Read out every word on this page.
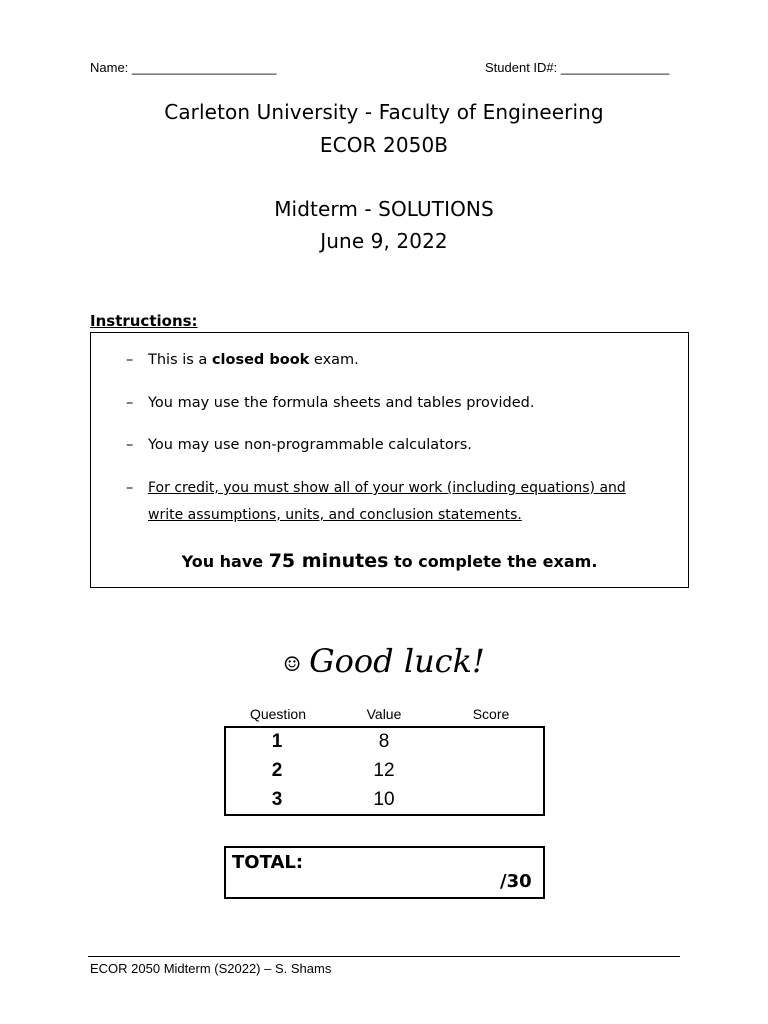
Name: ____________________	Student ID#: _______________
Carleton University - Faculty of Engineering
ECOR 2050B
Midterm - SOLUTIONS
June 9, 2022
Instructions:
– This is a closed book exam.
– You may use the formula sheets and tables provided.
– You may use non-programmable calculators.
– For credit, you must show all of your work (including equations) and
write assumptions, units, and conclusion statements.
You have 75 minutes to complete the exam.
☺ Good luck!
Question	Value	Score
1	8
2	12
3	10
TOTAL:
/30
ECOR 2050 Midterm (S2022) – S. Shams
